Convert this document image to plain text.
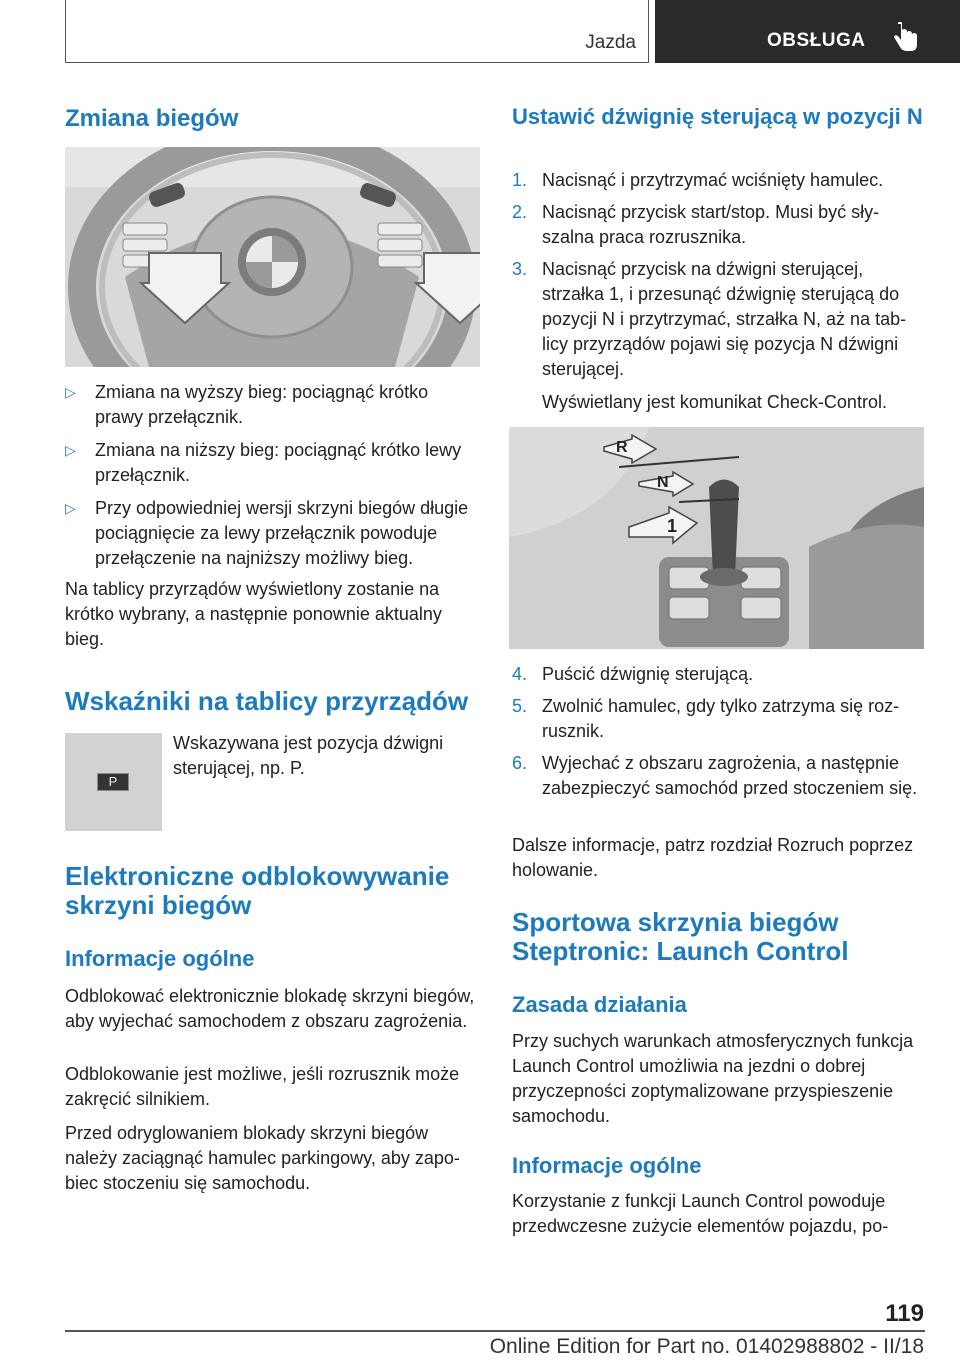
Jazda	OBSŁUGA
Zmiana biegów
▷ Zmiana na wyższy bieg: pociągnąć krótko prawy przełącznik.
▷ Zmiana na niższy bieg: pociągnąć krótko lewy przełącznik.
▷ Przy odpowiedniej wersji skrzyni biegów długie pociągnięcie za lewy przełącznik powoduje przełączenie na najniższy możliwy bieg.
Na tablicy przyrządów wyświetlony zostanie na krótko wybrany, a następnie ponownie aktualny bieg.
Wskaźniki na tablicy przyrządów
P
Wskazywana jest pozycja dźwigni sterującej, np. P.
Elektroniczne odblokowywanie skrzyni biegów
Informacje ogólne
Odblokować elektronicznie blokadę skrzyni biegów, aby wyjechać samochodem z obszaru zagrożenia.
Odblokowanie jest możliwe, jeśli rozrusznik może zakręcić silnikiem.
Przed odryglowaniem blokady skrzyni biegów należy zaciągnąć hamulec parkingowy, aby zapobiec stoczeniu się samochodu.
Ustawić dźwignię sterującą w pozycji N
1. Nacisnąć i przytrzymać wciśnięty hamulec.
2. Nacisnąć przycisk start/stop. Musi być słyszalna praca rozrusznika.
3. Nacisnąć przycisk na dźwigni sterującej, strzałka 1, i przesunąć dźwignię sterującą do pozycji N i przytrzymać, strzałka N, aż na tablicy przyrządów pojawi się pozycja N dźwigni sterującej.
Wyświetlany jest komunikat Check-Control.
R
N
1
4. Puścić dźwignię sterującą.
5. Zwolnić hamulec, gdy tylko zatrzyma się rozrusznik.
6. Wyjechać z obszaru zagrożenia, a następnie zabezpieczyć samochód przed stoczeniem się.
Dalsze informacje, patrz rozdział Rozruch poprzez holowanie.
Sportowa skrzynia biegów Steptronic: Launch Control
Zasada działania
Przy suchych warunkach atmosferycznych funkcja Launch Control umożliwia na jezdni o dobrej przyczepności zoptymalizowane przyspieszenie samochodu.
Informacje ogólne
Korzystanie z funkcji Launch Control powoduje przedwczesne zużycie elementów pojazdu, po-
119
Online Edition for Part no. 01402988802 - II/18
